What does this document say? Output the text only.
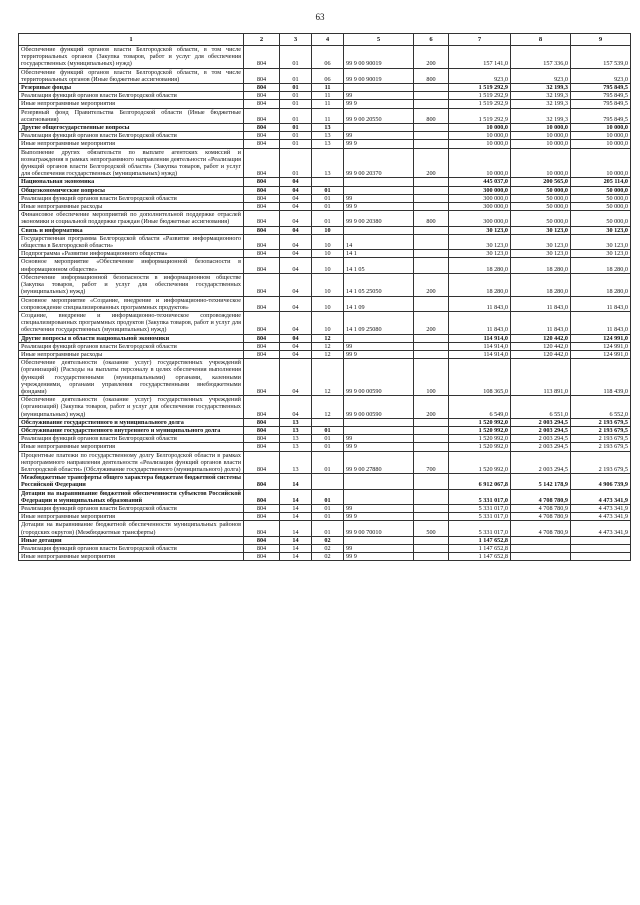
63
1	2	3	4	5	6	7	8	9
Обеспечение функций органов власти Белгородской области, в том числе территориальных органов (Закупка товаров, работ и услуг для обеспечения государственных (муниципальных) нужд)	804	01	06	99 9 00 90019	200	157 141,0	157 336,0	157 539,0
Обеспечение функций органов власти Белгородской области, в том числе территориальных органов (Иные бюджетные ассигнования)	804	01	06	99 9 00 90019	800	923,0	923,0	923,0
Резервные фонды	804	01	11			1 519 292,9	32 199,3	795 849,5
Реализация функций органов власти Белгородской области	804	01	11	99		1 519 292,9	32 199,3	795 849,5
Иные непрограммные мероприятия	804	01	11	99 9		1 519 292,9	32 199,3	795 849,5
Резервный фонд Правительства Белгородской области (Иные бюджетные ассигнования)	804	01	11	99 9 00 20550	800	1 519 292,9	32 199,3	795 849,5
Другие общегосударственные вопросы	804	01	13			10 000,0	10 000,0	10 000,0
Реализация функций органов власти Белгородской области	804	01	13	99		10 000,0	10 000,0	10 000,0
Иные непрограммные мероприятия	804	01	13	99 9		10 000,0	10 000,0	10 000,0
Выполнение других обязательств по выплате агентских комиссий и вознаграждения в рамках непрограммного направления деятельности «Реализация функций органов власти Белгородской области» (Закупка товаров, работ и услуг для обеспечения государственных (муниципальных) нужд)	804	01	13	99 9 00 20370	200	10 000,0	10 000,0	10 000,0
Национальная экономика	804	04				445 037,0	200 565,0	205 114,0
Общеэкономические вопросы	804	04	01			300 000,0	50 000,0	50 000,0
Реализация функций органов власти Белгородской области	804	04	01	99		300 000,0	50 000,0	50 000,0
Иные непрограммные расходы	804	04	01	99 9		300 000,0	50 000,0	50 000,0
Финансовое обеспечение мероприятий по дополнительной поддержке отраслей экономики и социальной поддержке граждан (Иные бюджетные ассигнования)	804	04	01	99 9 00 20380	800	300 000,0	50 000,0	50 000,0
Связь и информатика	804	04	10			30 123,0	30 123,0	30 123,0
Государственная программа Белгородской области «Развитие информационного общества в Белгородской области»	804	04	10	14		30 123,0	30 123,0	30 123,0
Подпрограмма «Развитие информационного общества»	804	04	10	14 1		30 123,0	30 123,0	30 123,0
Основное мероприятие «Обеспечение информационной безопасности в информационном обществе»	804	04	10	14 1 05		18 280,0	18 280,0	18 280,0
Обеспечение информационной безопасности в информационном обществе (Закупка товаров, работ и услуг для обеспечения государственных (муниципальных) нужд)	804	04	10	14 1 05 25050	200	18 280,0	18 280,0	18 280,0
Основное мероприятие «Создание, внедрение и информационно-техническое сопровождение специализированных программных продуктов»	804	04	10	14 1 09		11 843,0	11 843,0	11 843,0
Создание, внедрение и информационно-техническое сопровождение специализированных программных продуктов (Закупка товаров, работ и услуг для обеспечения государственных (муниципальных) нужд)	804	04	10	14 1 09 25080	200	11 843,0	11 843,0	11 843,0
Другие вопросы в области национальной экономики	804	04	12			114 914,0	120 442,0	124 991,0
Реализация функций органов власти Белгородской области	804	04	12	99		114 914,0	120 442,0	124 991,0
Иные непрограммные расходы	804	04	12	99 9		114 914,0	120 442,0	124 991,0
Обеспечение деятельности (оказание услуг) государственных учреждений (организаций) (Расходы на выплаты персоналу в целях обеспечения выполнения функций государственными (муниципальными) органами, казенными учреждениями, органами управления государственными внебюджетными фондами)	804	04	12	99 9 00 00590	100	108 365,0	113 891,0	118 439,0
Обеспечение деятельности (оказание услуг) государственных учреждений (организаций) (Закупка товаров, работ и услуг для обеспечения государственных (муниципальных) нужд)	804	04	12	99 9 00 00590	200	6 549,0	6 551,0	6 552,0
Обслуживание государственного и муниципального долга	804	13				1 520 992,0	2 003 294,5	2 193 679,5
Обслуживание государственного внутреннего и муниципального долга	804	13	01			1 520 992,0	2 003 294,5	2 193 679,5
Реализация функций органов власти Белгородской области	804	13	01	99		1 520 992,0	2 003 294,5	2 193 679,5
Иные непрограммные мероприятия	804	13	01	99 9		1 520 992,0	2 003 294,5	2 193 679,5
Процентные платежи по государственному долгу Белгородской области в рамках непрограммного направления деятельности «Реализация функций органов власти Белгородской области» (Обслуживание государственного (муниципального) долга)	804	13	01	99 9 00 27880	700	1 520 992,0	2 003 294,5	2 193 679,5
Межбюджетные трансферты общего характера бюджетам бюджетной системы Российской Федерации	804	14				6 912 067,8	5 142 178,9	4 906 739,9
Дотации на выравнивание бюджетной обеспеченности субъектов Российской Федерации и муниципальных образований	804	14	01			5 331 017,0	4 708 780,9	4 473 341,9
Реализация функций органов власти Белгородской области	804	14	01	99		5 331 017,0	4 708 780,9	4 473 341,9
Иные непрограммные мероприятия	804	14	01	99 9		5 331 017,0	4 708 780,9	4 473 341,9
Дотации на выравнивание бюджетной обеспеченности муниципальных районов (городских округов) (Межбюджетные трансферты)	804	14	01	99 9 00 70010	500	5 331 017,0	4 708 780,9	4 473 341,9
Иные дотации	804	14	02			1 147 652,8		
Реализация функций органов власти Белгородской области	804	14	02	99		1 147 652,8		
Иные непрограммные мероприятия	804	14	02	99 9		1 147 652,8		
